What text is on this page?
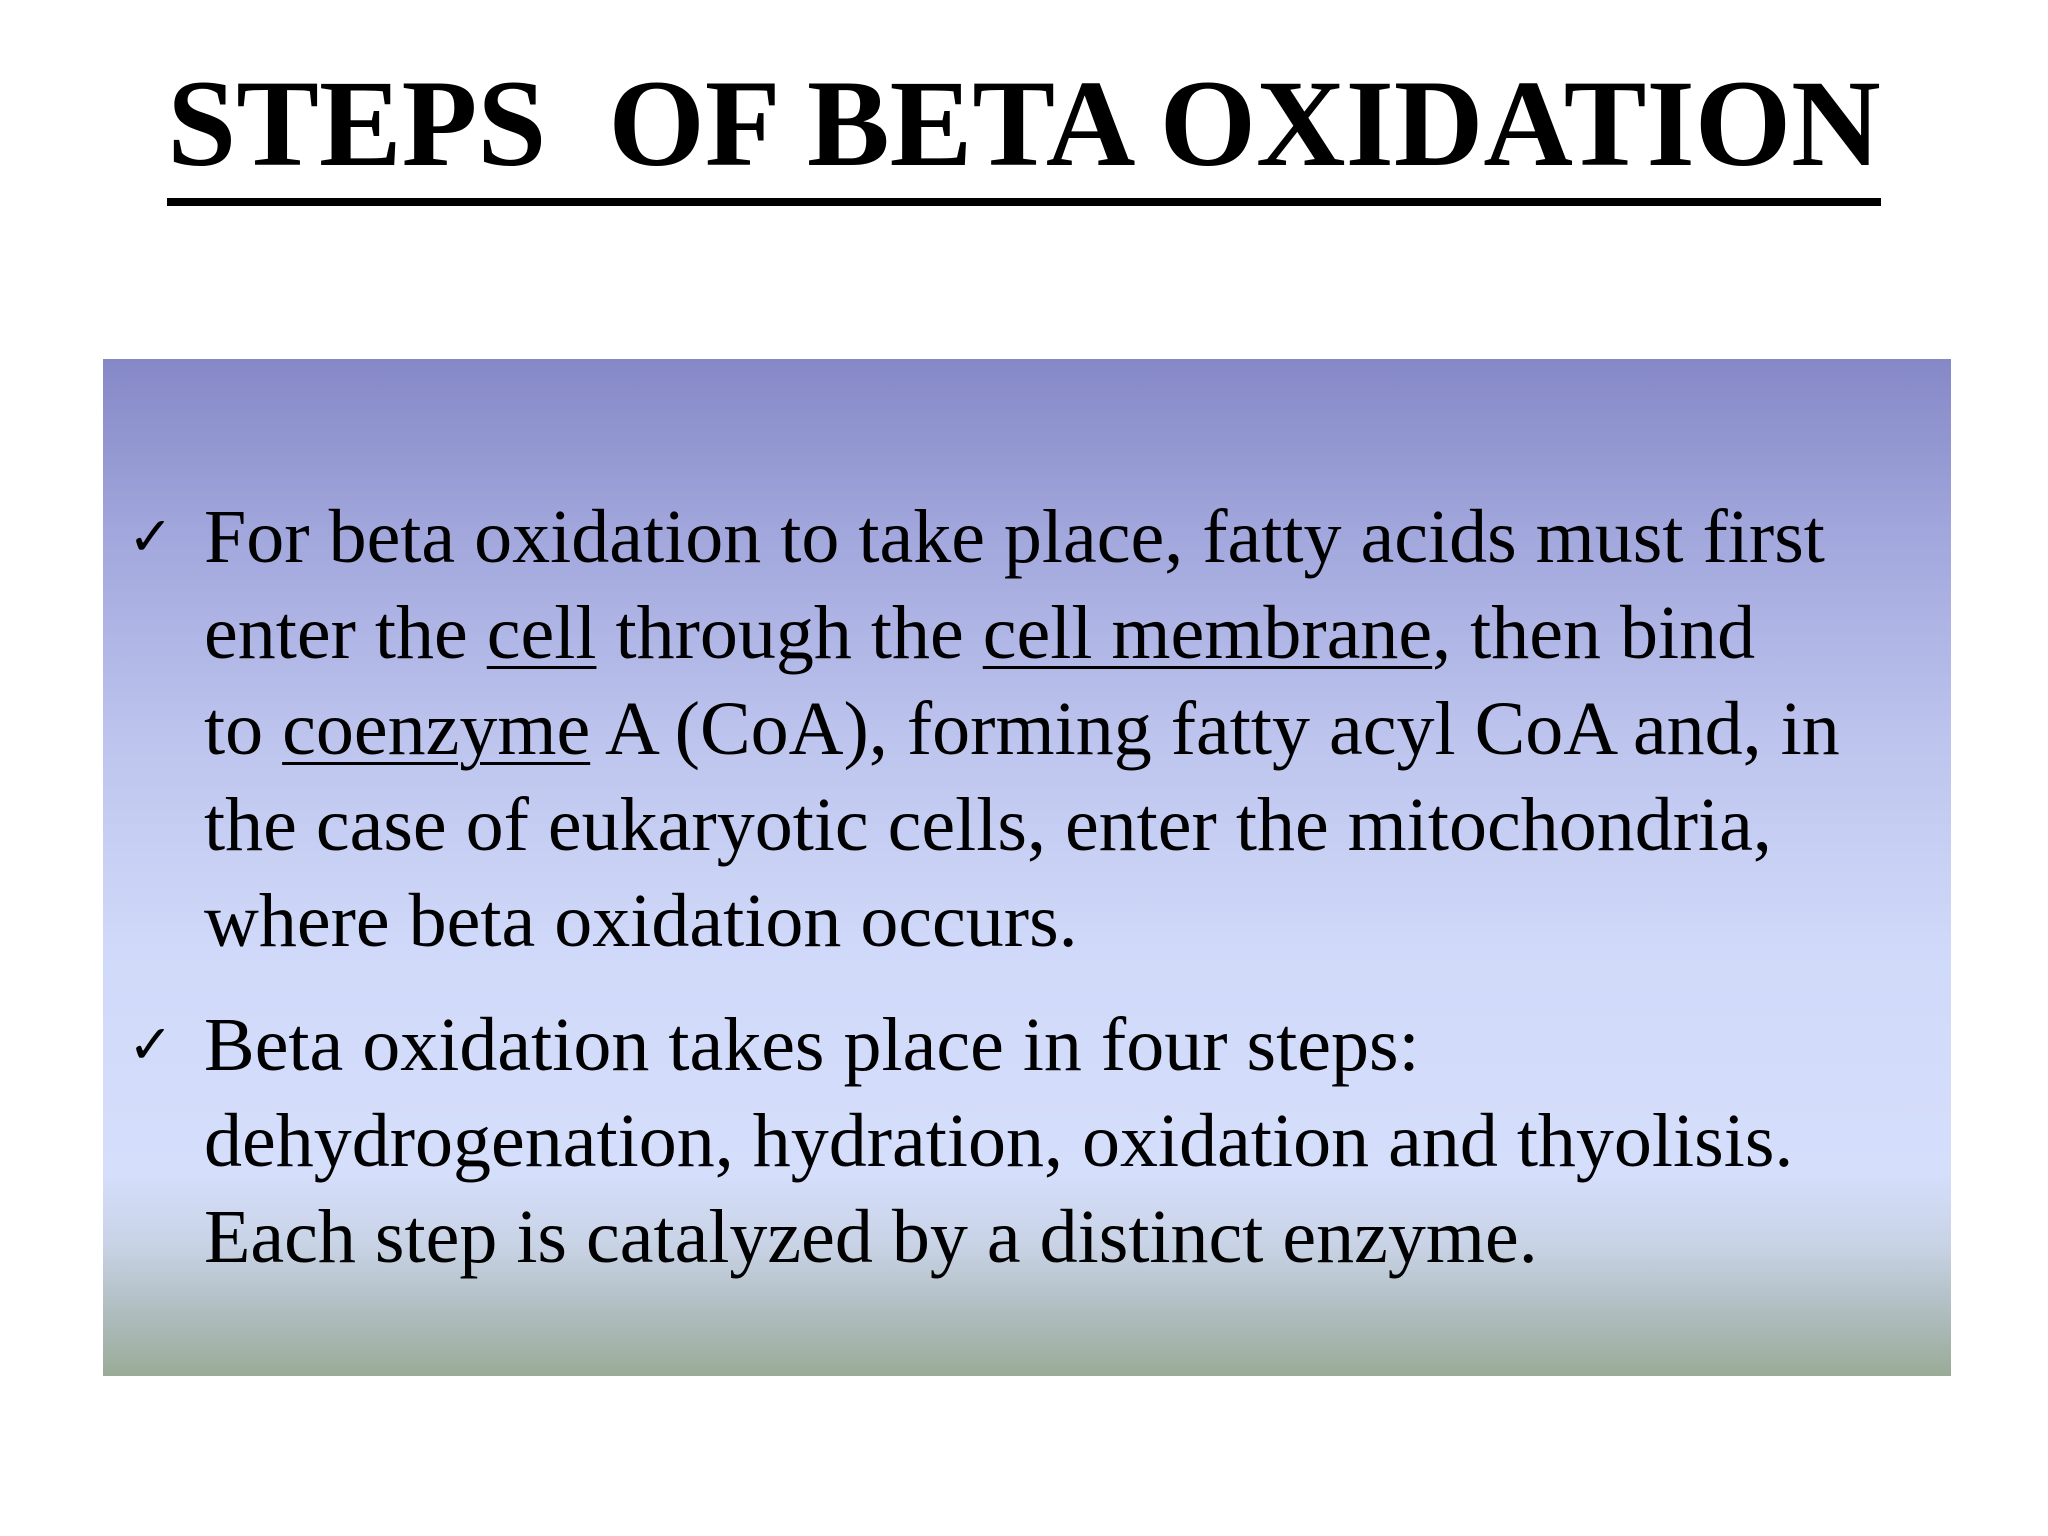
STEPS  OF BETA OXIDATION
✓ For beta oxidation to take place, fatty acids must first
enter the cell through the cell membrane, then bind
to coenzyme A (CoA), forming fatty acyl CoA and, in
the case of eukaryotic cells, enter the mitochondria,
where beta oxidation occurs.
✓ Beta oxidation takes place in four steps:
dehydrogenation, hydration, oxidation and thyolisis.
Each step is catalyzed by a distinct enzyme.
